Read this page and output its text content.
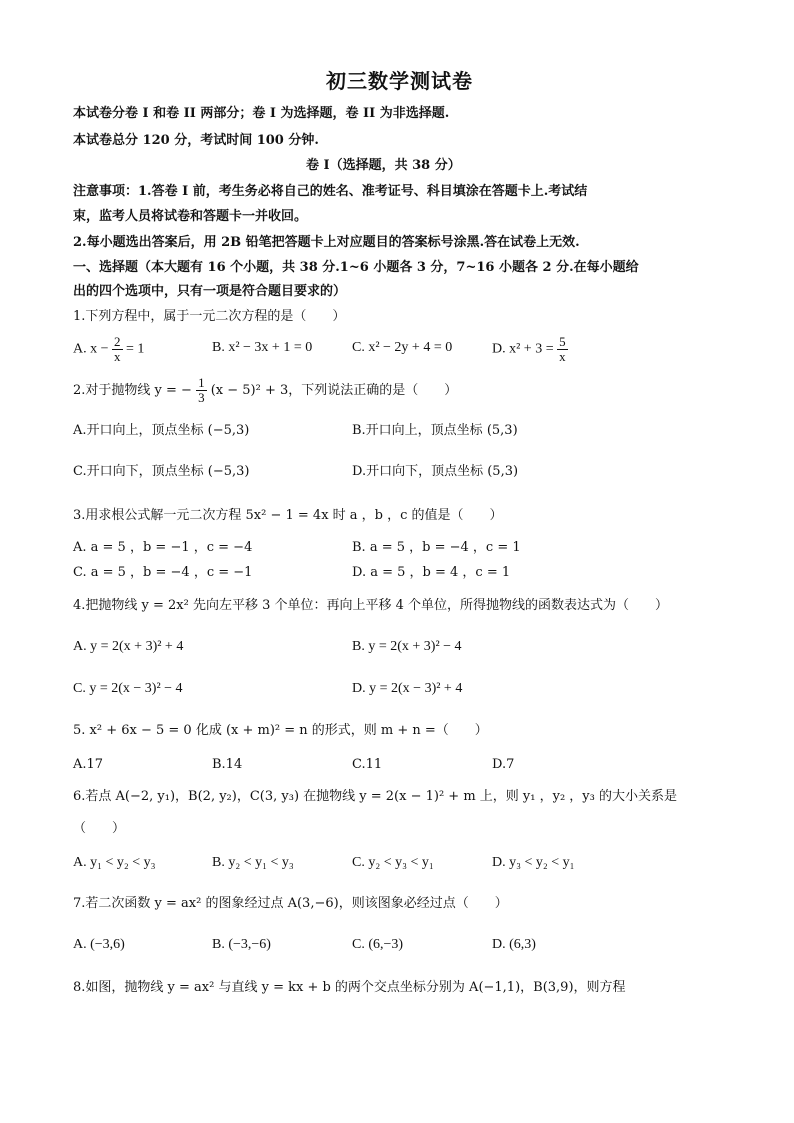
初三数学测试卷
本试卷分卷 I 和卷 II 两部分；卷 I 为选择题，卷 II 为非选择题.
本试卷总分 120 分，考试时间 100 分钟.
卷 I（选择题，共 38 分）
注意事项：1.答卷 I 前，考生务必将自己的姓名、准考证号、科目填涂在答题卡上.考试结
束，监考人员将试卷和答题卡一并收回。
2.每小题选出答案后，用 2B 铅笔把答题卡上对应题目的答案标号涂黑.答在试卷上无效.
一、选择题（本大题有 16 个小题，共 38 分.1~6 小题各 3 分，7~16 小题各 2 分.在每小题给
出的四个选项中，只有一项是符合题目要求的）
1.下列方程中，属于一元二次方程的是（　　）
A. $x - \frac{2}{x} = 1$	B. x² − 3x + 1 = 0	C. x² − 2y + 4 = 0	D. $x^2 + 3 = \frac{5}{x}$
2.对于抛物线 y = − $\frac{1}{3} (x - 5)^2 + 3$，下列说法正确的是（　　）
A.开口向上，顶点坐标 (−5,3)	B.开口向上，顶点坐标 (5,3)
C.开口向下，顶点坐标 (−5,3)	D.开口向下，顶点坐标 (5,3)
3.用求根公式解一元二次方程 5x² − 1 = 4x 时 a ，b ，c 的值是（　　）
A. a = 5 ，b = −1 ，c = −4	B. a = 5 ，b = −4 ，c = 1
C. a = 5 ，b = −4 ，c = −1	D. a = 5 ，b = 4 ，c = 1
4.把抛物线 y = 2x² 先向左平移 3 个单位：再向上平移 4 个单位，所得抛物线的函数表达式为（　　）
A. y = 2(x + 3)² + 4	B. y = 2(x + 3)² − 4
C. y = 2(x − 3)² − 4	D. y = 2(x − 3)² + 4
5. x² + 6x − 5 = 0 化成 (x + m)² = n 的形式，则 m + n =（　　）
A.17	B.14	C.11	D.7
6.若点 A(−2, y₁)，B(2, y₂)，C(3, y₃) 在抛物线 y = 2(x − 1)² + m 上，则 y₁ ，y₂ ，y₃ 的大小关系是
（　　）
A. y₁ < y₂ < y₃	B. y₂ < y₁ < y₃	C. y₂ < y₃ < y₁	D. y₃ < y₂ < y₁
7.若二次函数 y = ax² 的图象经过点 A(3,−6)，则该图象必经过点（　　）
A. (−3,6)	B. (−3,−6)	C. (6,−3)	D. (6,3)
8.如图，抛物线 y = ax² 与直线 y = kx + b 的两个交点坐标分别为 A(−1,1)，B(3,9)，则方程
